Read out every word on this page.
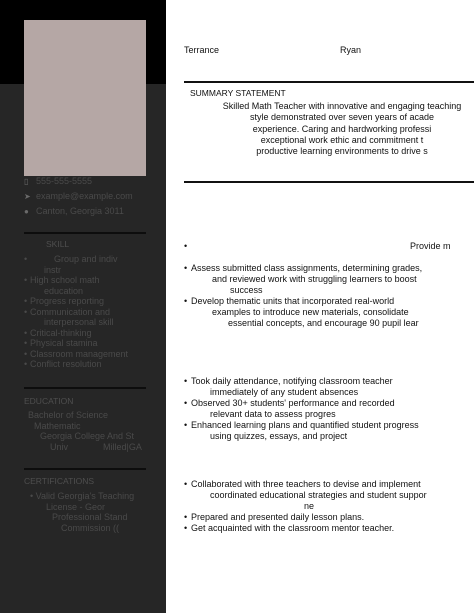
▯ 555-555-5555
➤ example@example.com
● Canton, Georgia 3011
SKILL
• Group and indiv
instr
• High school math
education
• Progress reporting
• Communication and
interpersonal skill
• Critical-thinking
• Physical stamina
• Classroom management
• Conflict resolution
EDUCATION
Bachelor of Science
Mathematic
Georgia College And St
Univ	Milled|GA
CERTIFICATIONS
• Valid Georgia's Teaching
License - Geor
Professional Stand
Commission ((
Terrance	Ryan
SUMMARY STATEMENT
Skilled Math Teacher with innovative and engaging teaching
style demonstrated over seven years of acade
experience. Caring and hardworking professi
exceptional work ethic and commitment t
productive learning environments to drive s
•	Provide m
• Assess submitted class assignments, determining grades,
and reviewed work with struggling learners to boost
success
• Develop thematic units that incorporated real-world
examples to introduce new materials, consolidate
essential concepts, and encourage 90 pupil lear
• Took daily attendance, notifying classroom teacher
immediately of any student absences
• Observed 30+ students' performance and recorded
relevant data to assess progres
• Enhanced learning plans and quantified student progress
using quizzes, essays, and project
• Collaborated with three teachers to devise and implement
coordinated educational strategies and student suppor
ne
• Prepared and presented daily lesson plans.
• Get acquainted with the classroom mentor teacher.
